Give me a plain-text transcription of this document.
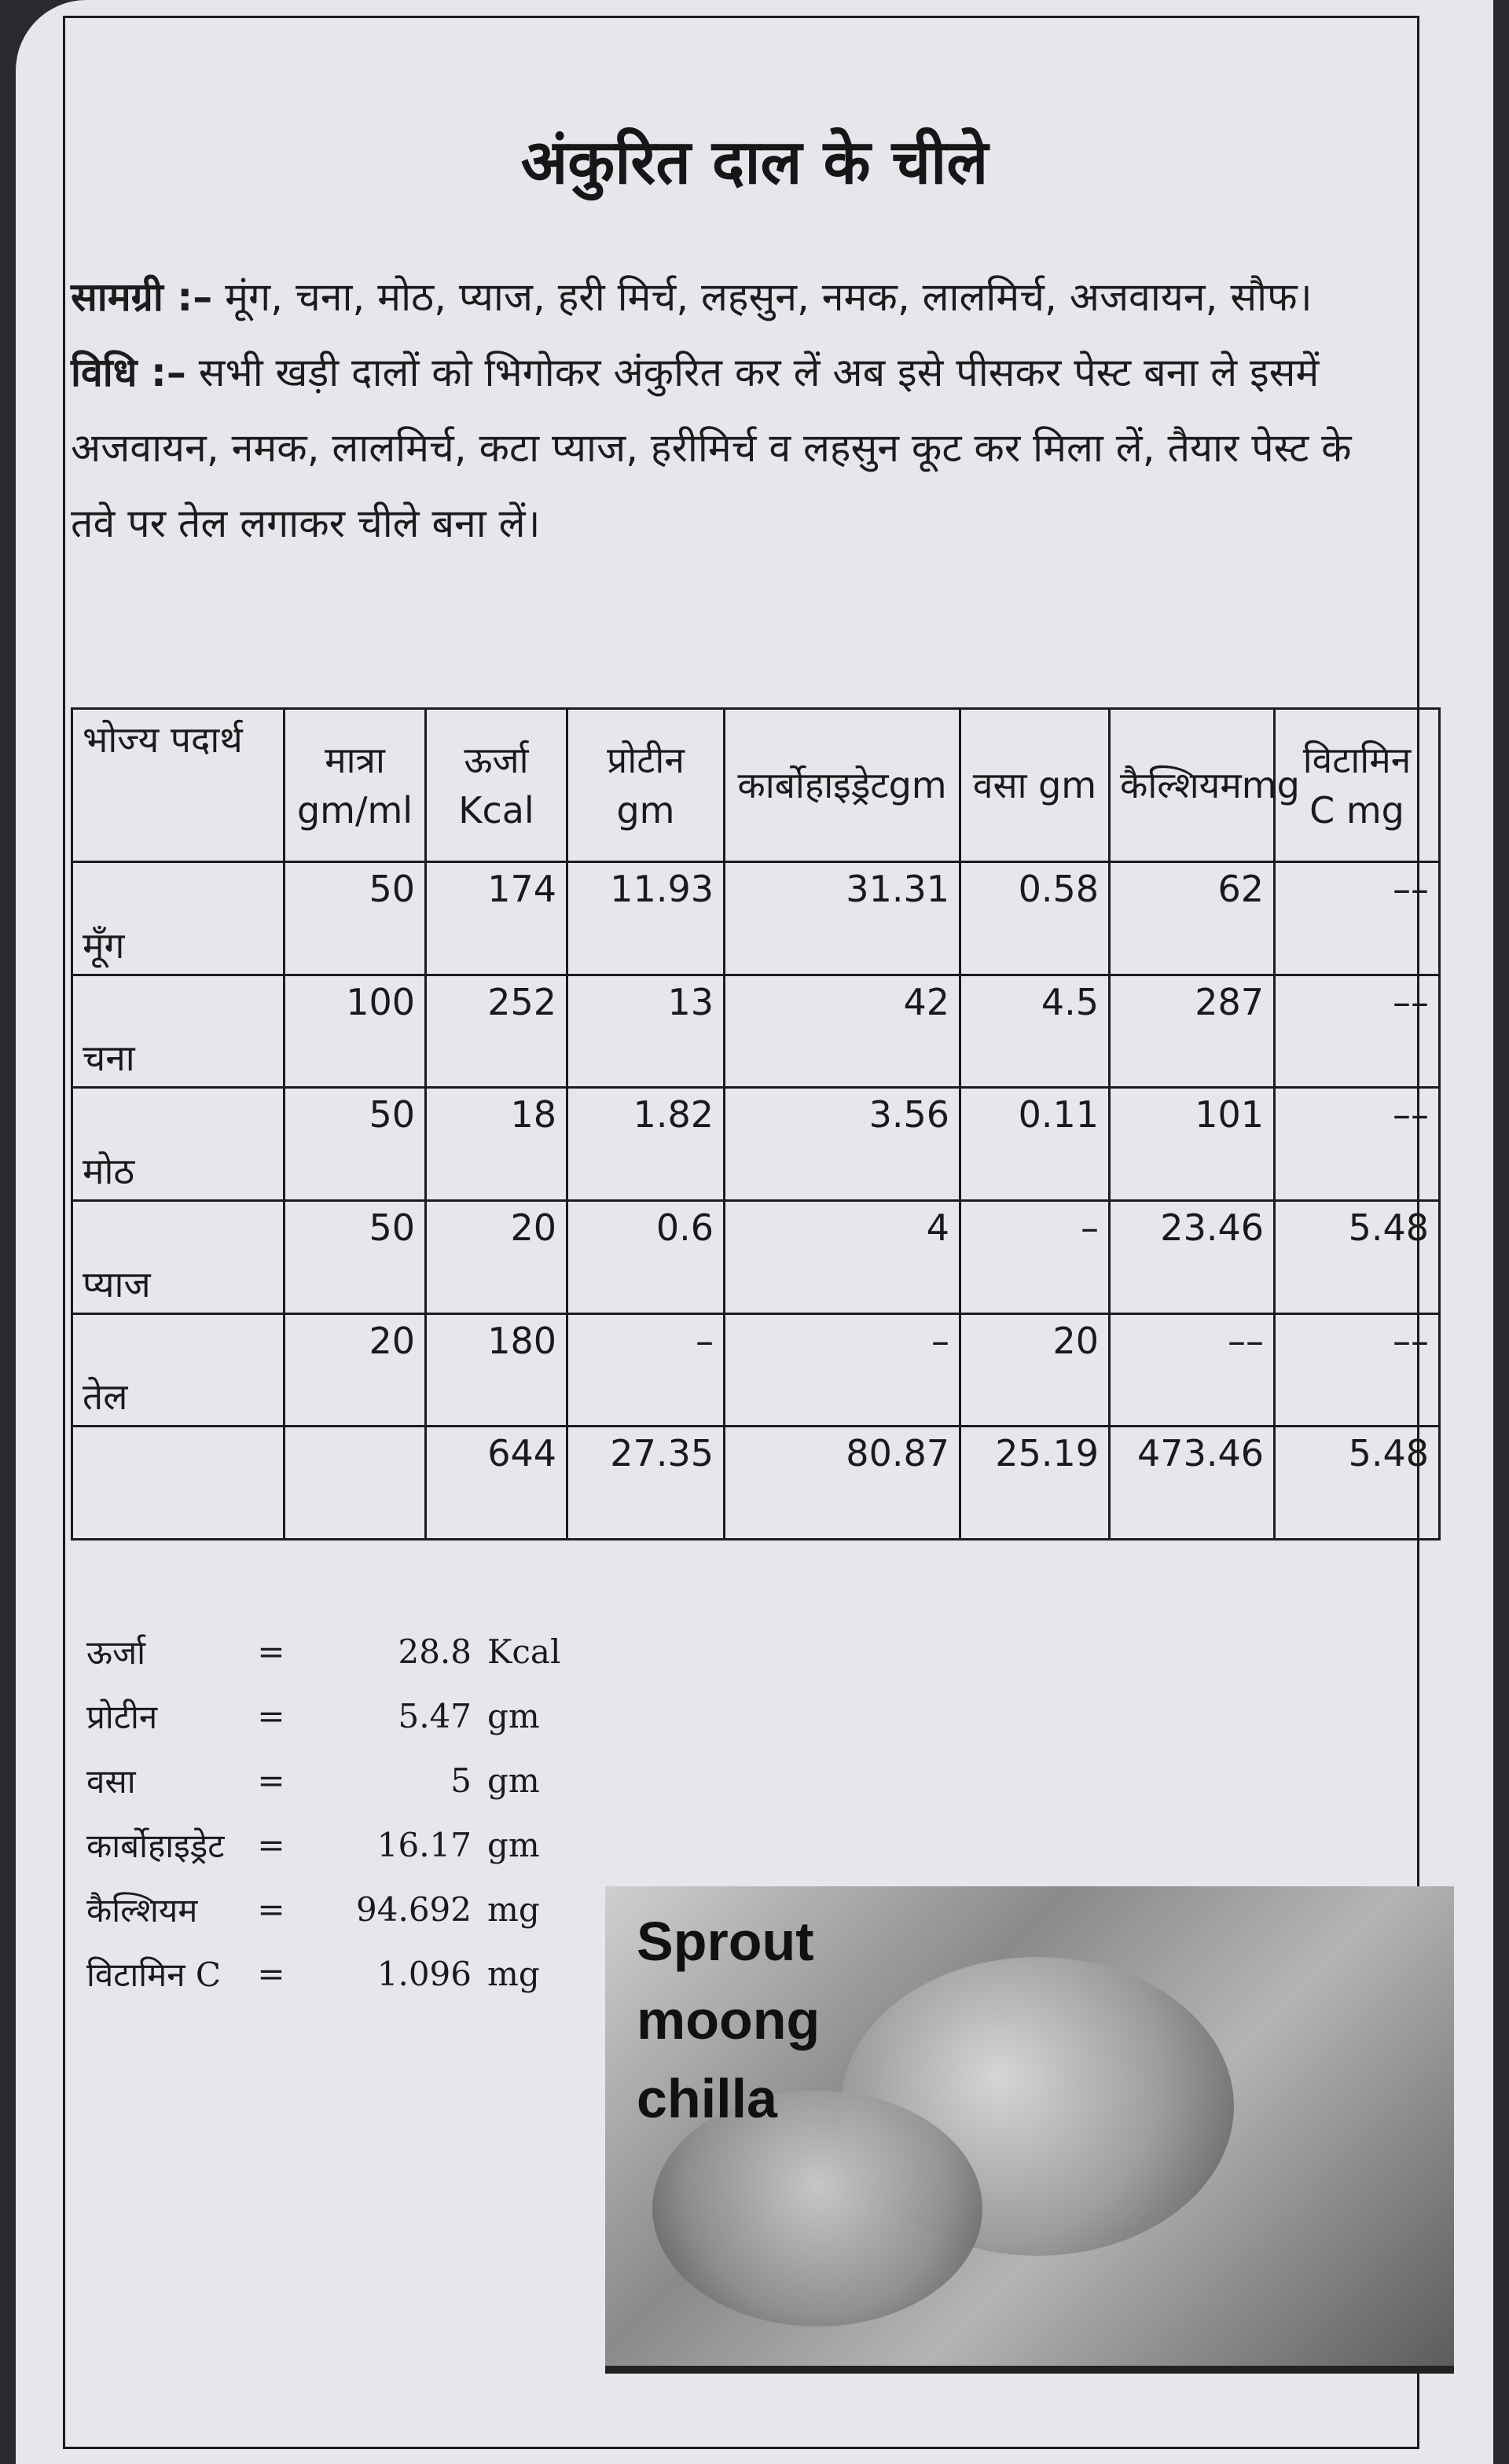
अंकुरित दाल के चीले
सामग्री :– मूंग, चना, मोठ, प्याज, हरी मिर्च, लहसुन, नमक, लालमिर्च, अजवायन, सौफ।
विधि :– सभी खड़ी दालों को भिगोकर अंकुरित कर लें अब इसे पीसकर पेस्ट बना ले इसमें अजवायन, नमक, लालमिर्च, कटा प्याज, हरीमिर्च व लहसुन कूट कर मिला लें, तैयार पेस्ट के तवे पर तेल लगाकर चीले बना लें।
भोज्य पदार्थ	मात्रा gm/ml	ऊर्जा Kcal	प्रोटीन gm	कार्बोहाइड्रेटgm	वसा gm	कैल्शियमmg	विटामिन C mg
मूँग	50	174	11.93	31.31	0.58	62	––
चना	100	252	13	42	4.5	287	––
मोठ	50	18	1.82	3.56	0.11	101	––
प्याज	50	20	0.6	4	–	23.46	5.48
तेल	20	180	–	–	20	––	––
		644	27.35	80.87	25.19	473.46	5.48
ऊर्जा	=	28.8 Kcal
प्रोटीन	=	5.47 gm
वसा	=	5 gm
कार्बोहाइड्रेट =	16.17 gm
कैल्शियम	=	94.692 mg
विटामिन C	=	1.096 mg
Sprout
moong
chilla
